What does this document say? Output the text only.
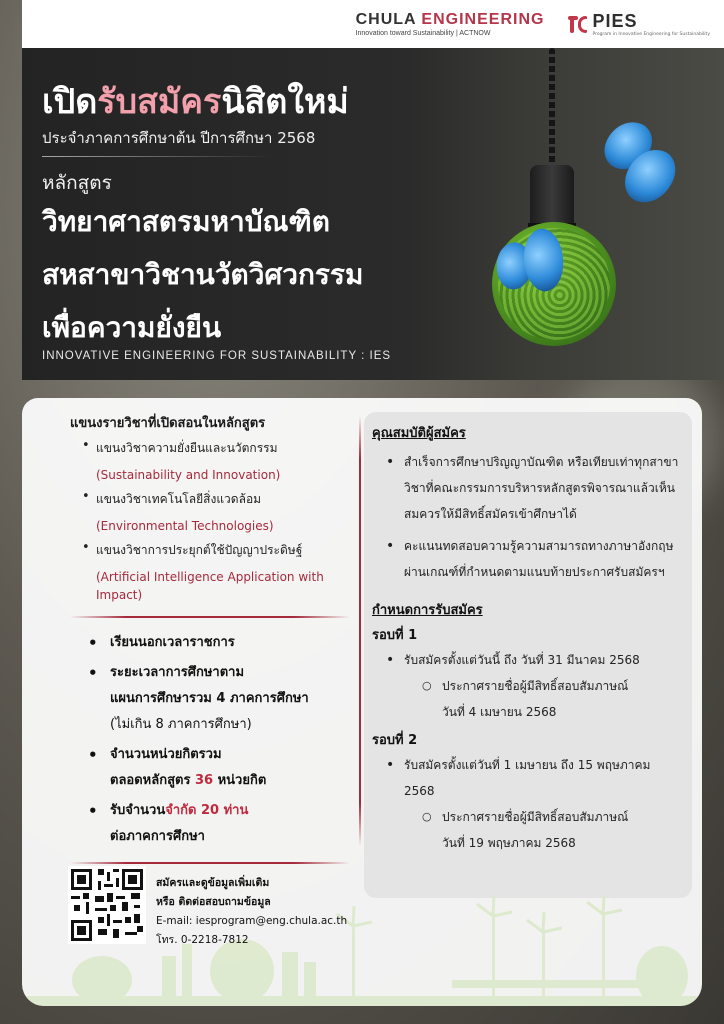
CHULA ENGINEERING
Innovation toward Sustainability | ACTNOW
PIES
Program in Innovative Engineering for Sustainability
เปิดรับสมัครนิสิตใหม่
ประจำภาคการศึกษาต้น ปีการศึกษา 2568
หลักสูตร
วิทยาศาสตรมหาบัณฑิต
สหสาขาวิชานวัตวิศวกรรม
เพื่อความยั่งยืน
INNOVATIVE ENGINEERING FOR SUSTAINABILITY : IES
แขนงรายวิชาที่เปิดสอนในหลักสูตร
• แขนงวิชาความยั่งยืนและนวัตกรรม
(Sustainability and Innovation)
• แขนงวิชาเทคโนโลยีสิ่งแวดล้อม
(Environmental Technologies)
• แขนงวิชาการประยุกต์ใช้ปัญญาประดิษฐ์
(Artificial Intelligence Application with Impact)
• เรียนนอกเวลาราชการ
• ระยะเวลาการศึกษาตาม
แผนการศึกษารวม 4 ภาคการศึกษา
(ไม่เกิน 8 ภาคการศึกษา)
• จำนวนหน่วยกิตรวม
ตลอดหลักสูตร 36 หน่วยกิต
• รับจำนวนจำกัด 20 ท่าน
ต่อภาคการศึกษา
คุณสมบัติผู้สมัคร
• สำเร็จการศึกษาปริญญาบัณฑิต หรือเทียบเท่าทุกสาขาวิชาที่คณะกรรมการบริหารหลักสูตรพิจารณาแล้วเห็นสมควรให้มีสิทธิ์สมัครเข้าศึกษาได้
• คะแนนทดสอบความรู้ความสามารถทางภาษาอังกฤษผ่านเกณฑ์ที่กำหนดตามแนบท้ายประกาศรับสมัครฯ
กำหนดการรับสมัคร
รอบที่ 1
• รับสมัครตั้งแต่วันนี้ ถึง วันที่ 31 มีนาคม 2568
○ ประกาศรายชื่อผู้มีสิทธิ์สอบสัมภาษณ์
วันที่ 4 เมษายน 2568
รอบที่ 2
• รับสมัครตั้งแต่วันที่ 1 เมษายน ถึง 15 พฤษภาคม 2568
○ ประกาศรายชื่อผู้มีสิทธิ์สอบสัมภาษณ์
วันที่ 19 พฤษภาคม 2568
สมัครและดูข้อมูลเพิ่มเติม
หรือ ติดต่อสอบถามข้อมูล
E-mail: iesprogram@eng.chula.ac.th
โทร. 0-2218-7812
